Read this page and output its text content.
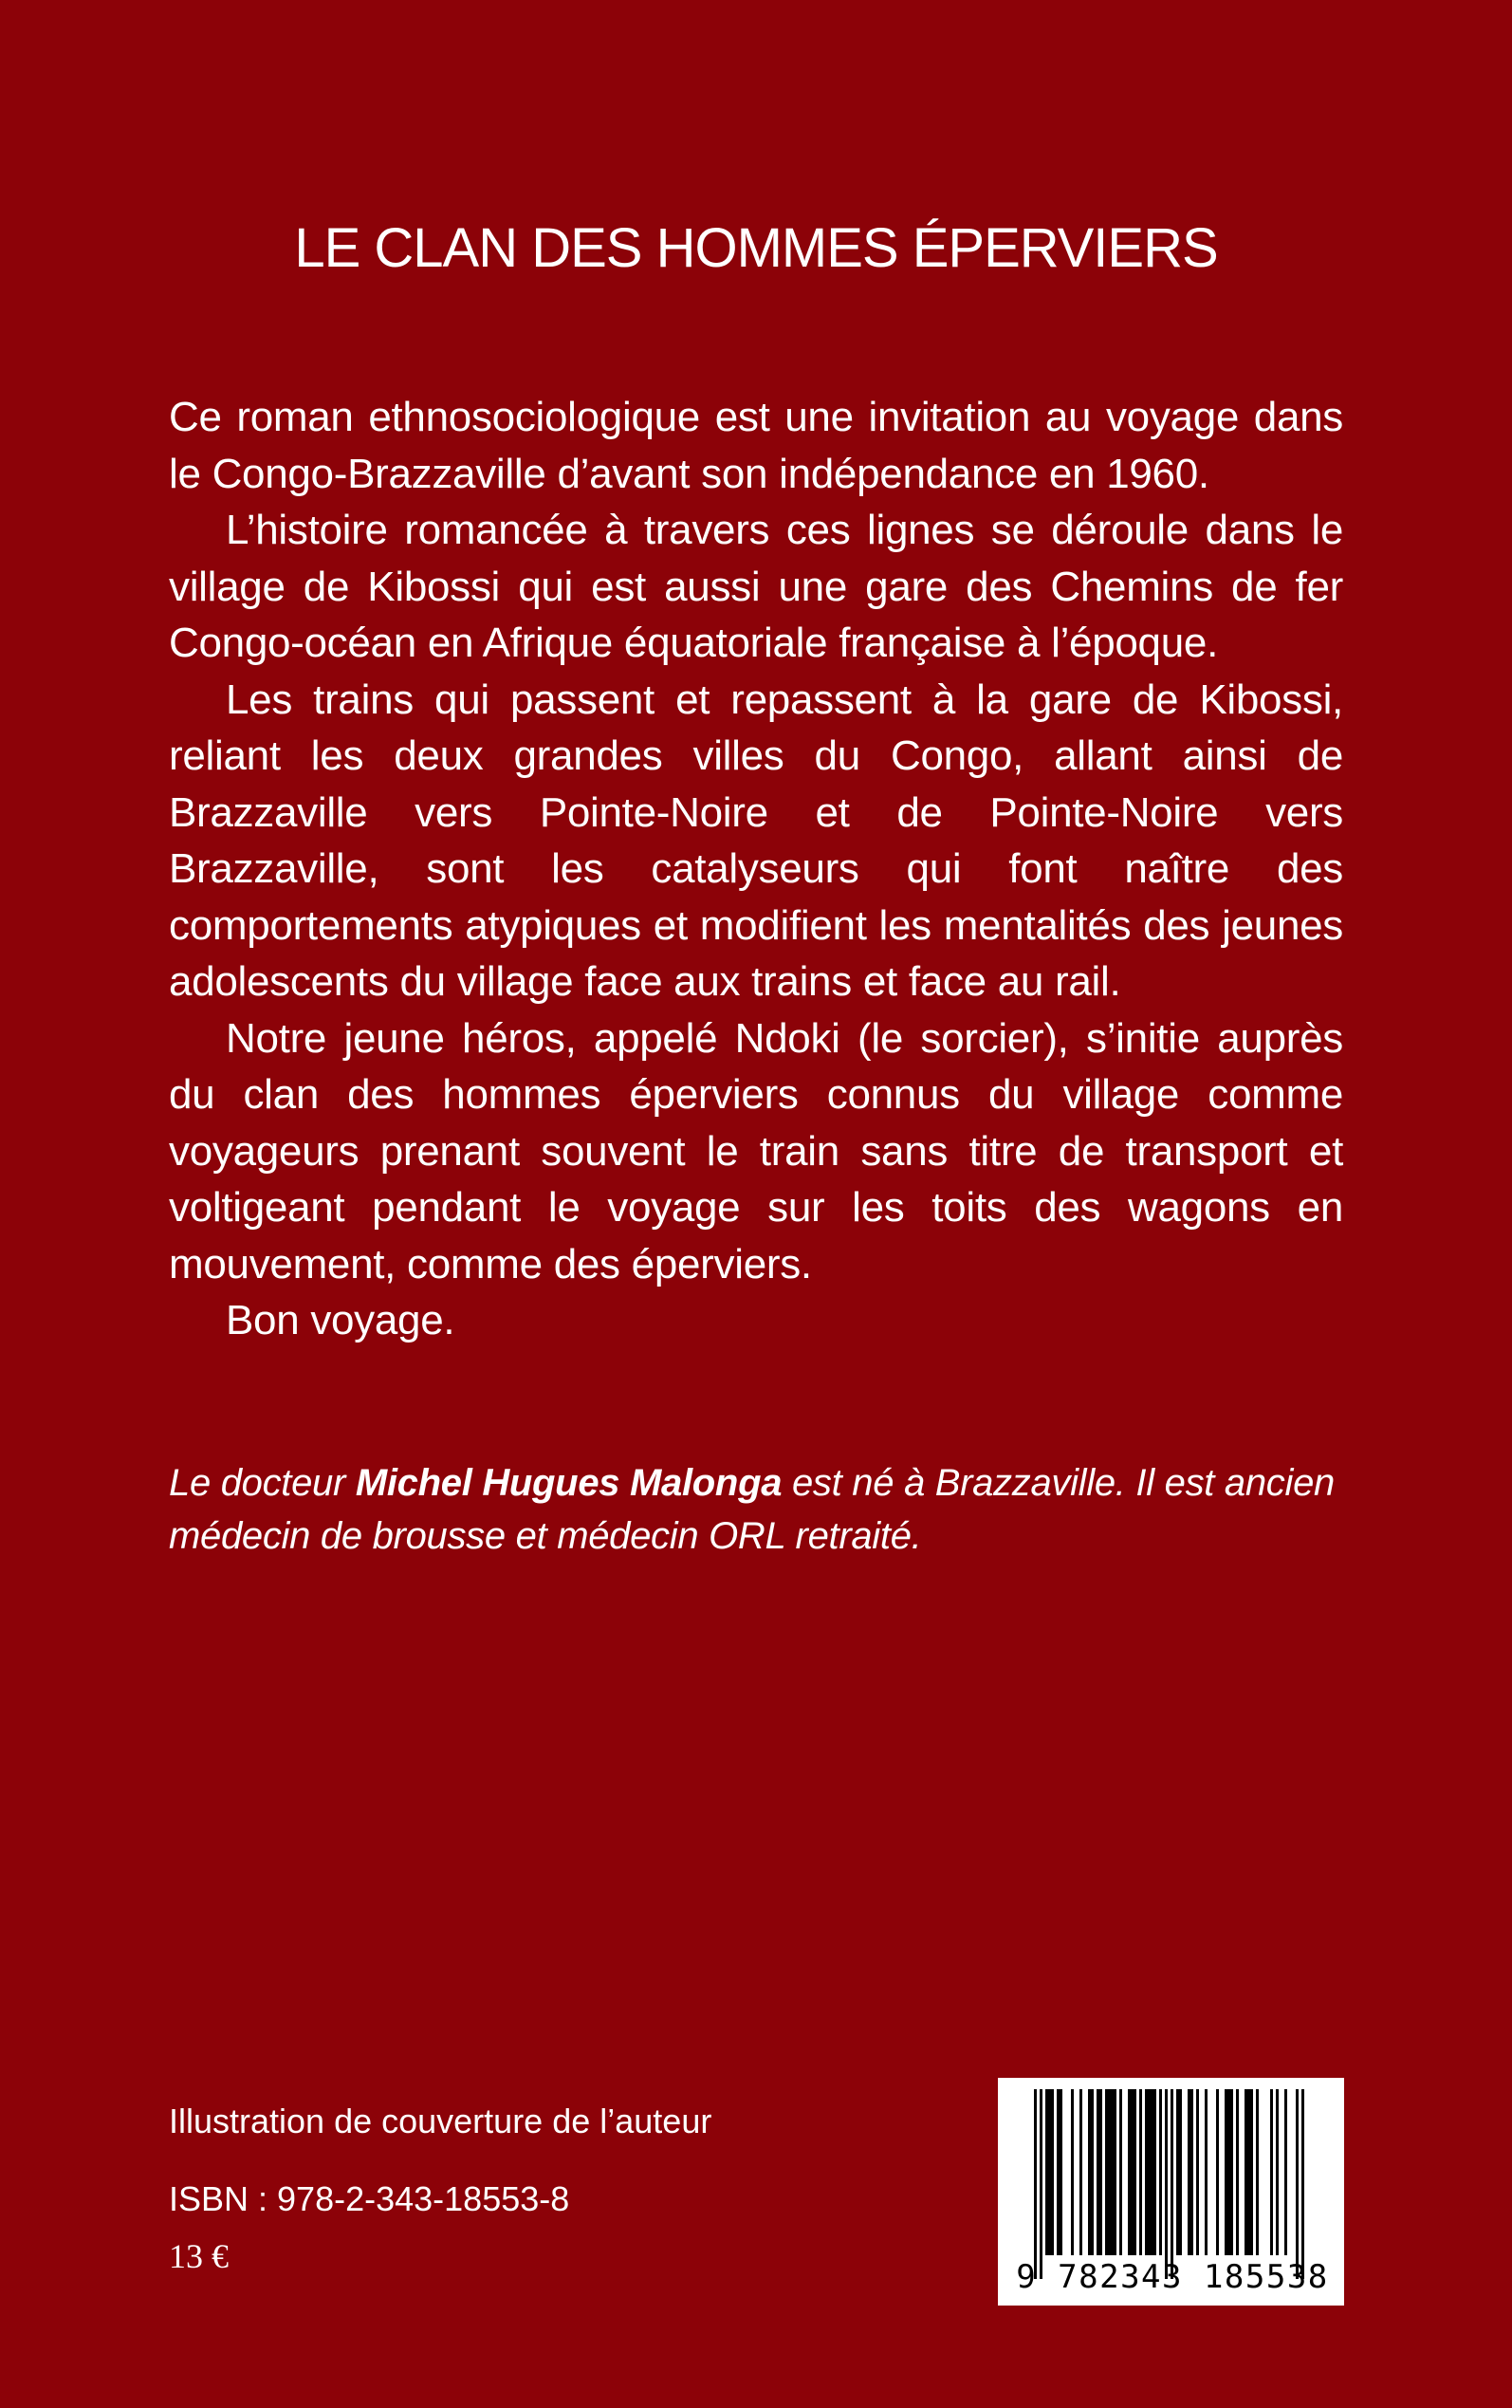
LE CLAN DES HOMMES ÉPERVIERS

Ce roman ethnosociologique est une invitation au voyage dans le Congo-Brazzaville d’avant son indépendance en 1960.

L’histoire romancée à travers ces lignes se déroule dans le village de Kibossi qui est aussi une gare des Chemins de fer Congo-océan en Afrique équatoriale française à l’époque.

Les trains qui passent et repassent à la gare de Kibossi, reliant les deux grandes villes du Congo, allant ainsi de Brazzaville vers Pointe-Noire et de Pointe-Noire vers Brazzaville, sont les catalyseurs qui font naître des comportements atypiques et modifient les mentalités des jeunes adolescents du village face aux trains et face au rail.

Notre jeune héros, appelé Ndoki (le sorcier), s’initie auprès du clan des hommes éperviers connus du village comme voyageurs prenant souvent le train sans titre de transport et voltigeant pendant le voyage sur les toits des wagons en mouvement, comme des éperviers.

Bon voyage.

Le docteur Michel Hugues Malonga est né à Brazzaville. Il est ancien médecin de brousse et médecin ORL retraité.
Illustration de couverture de l’auteur
ISBN : 978-2-343-18553-8
13 €
9 782343 185538
